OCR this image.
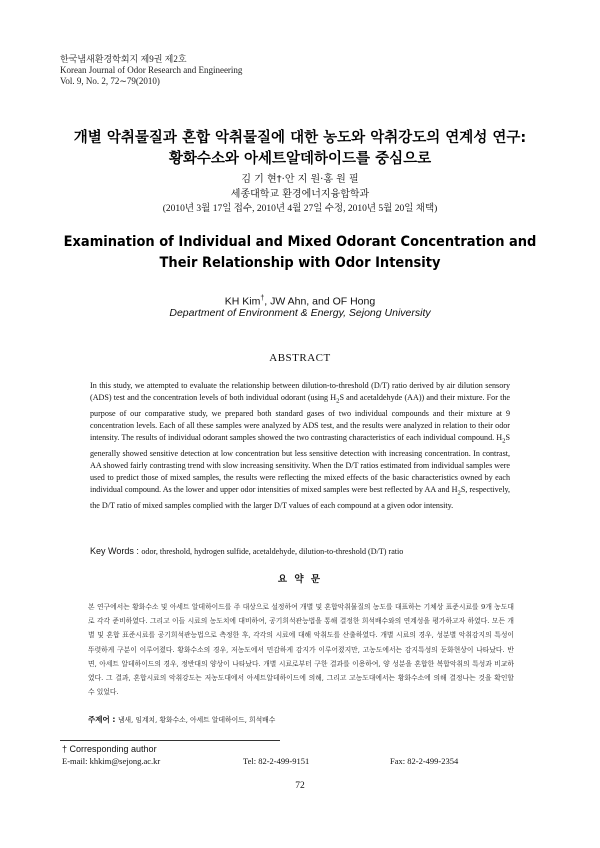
한국냄새환경학회지 제9권 제2호
Korean Journal of Odor Research and Engineering
Vol. 9, No. 2, 72∼79(2010)
개별 악취물질과 혼합 악취물질에 대한 농도와 악취강도의 연계성 연구:
황화수소와 아세트알데하이드를 중심으로
김 기 현†·안 지 원·홍 원 필
세종대학교 환경에너지융합학과
(2010년 3월 17일 접수, 2010년 4월 27일 수정, 2010년 5월 20일 채택)
Examination of Individual and Mixed Odorant Concentration and
Their Relationship with Odor Intensity
KH Kim†, JW Ahn, and OF Hong
Department of Environment & Energy, Sejong University
ABSTRACT

In this study, we attempted to evaluate the relationship between dilution-to-threshold (D/T) ratio derived by air dilution sensory (ADS) test and the concentration levels of both individual odorant (using $H_2S$ and acetaldehyde (AA)) and their mixture. For the purpose of our comparative study, we prepared both standard gases of two individual compounds and their mixture at 9 concentration levels. Each of all these samples were analyzed by ADS test, and the results were analyzed in relation to their odor intensity. The results of individual odorant samples showed the two contrasting characteristics of each individual compound. $H_2S$ generally showed sensitive detection at low concentration but less sensitive detection with increasing concentration. In contrast, AA showed fairly contrasting trend with slow increasing sensitivity. When the D/T ratios estimated from individual samples were used to predict those of mixed samples, the results were reflecting the mixed effects of the basic characteristics owned by each individual compound. As the lower and upper odor intensities of mixed samples were best reflected by AA and $H_2S$, respectively, the D/T ratio of mixed samples complied with the larger D/T values of each compound at a given odor intensity.

Key Words : odor, threshold, hydrogen sulfide, acetaldehyde, dilution-to-threshold (D/T) ratio
요 약 문

본 연구에서는 황화수소 및 아세트 알데하이드를 주 대상으로 설정하여 개별 및 혼합악취물질의 농도를 대표하는 기체상 표준시료를 9개 농도대로 각각 준비하였다. 그리고 이들 시료의 농도치에 대비하여, 공기희석관능법을 통해 결정한 희석배수와의 연계성을 평가하고자 하였다. 모든 개별 및 혼합 표준시료를 공기희석관능법으로 측정한 후, 각각의 시료에 대해 악취도를 산출하였다. 개별 시료의 경우, 성분별 악취감지의 특성이 뚜렷하게 구분이 이루어졌다. 황화수소의 경우, 저농도에서 민감하게 감지가 이루어졌지만, 고농도에서는 감지특성의 둔화현상이 나타났다. 반면, 아세트 알데하이드의 경우, 정반대의 양상이 나타났다. 개별 시료로부터 구한 결과를 이용하여, 양 성분을 혼합한 복합악취의 특성과 비교하였다. 그 결과, 혼합시료의 악취강도는 저농도대에서 아세트알데하이드에 의해, 그리고 고농도대에서는 황화수소에 의해 결정나는 것을 확인할 수 있었다.

주제어 : 냄새, 임계치, 황화수소, 아세트 알데하이드, 희석배수
† Corresponding author
E-mail: khkim@sejong.ac.kr	Tel: 82-2-499-9151	Fax: 82-2-499-2354
72
